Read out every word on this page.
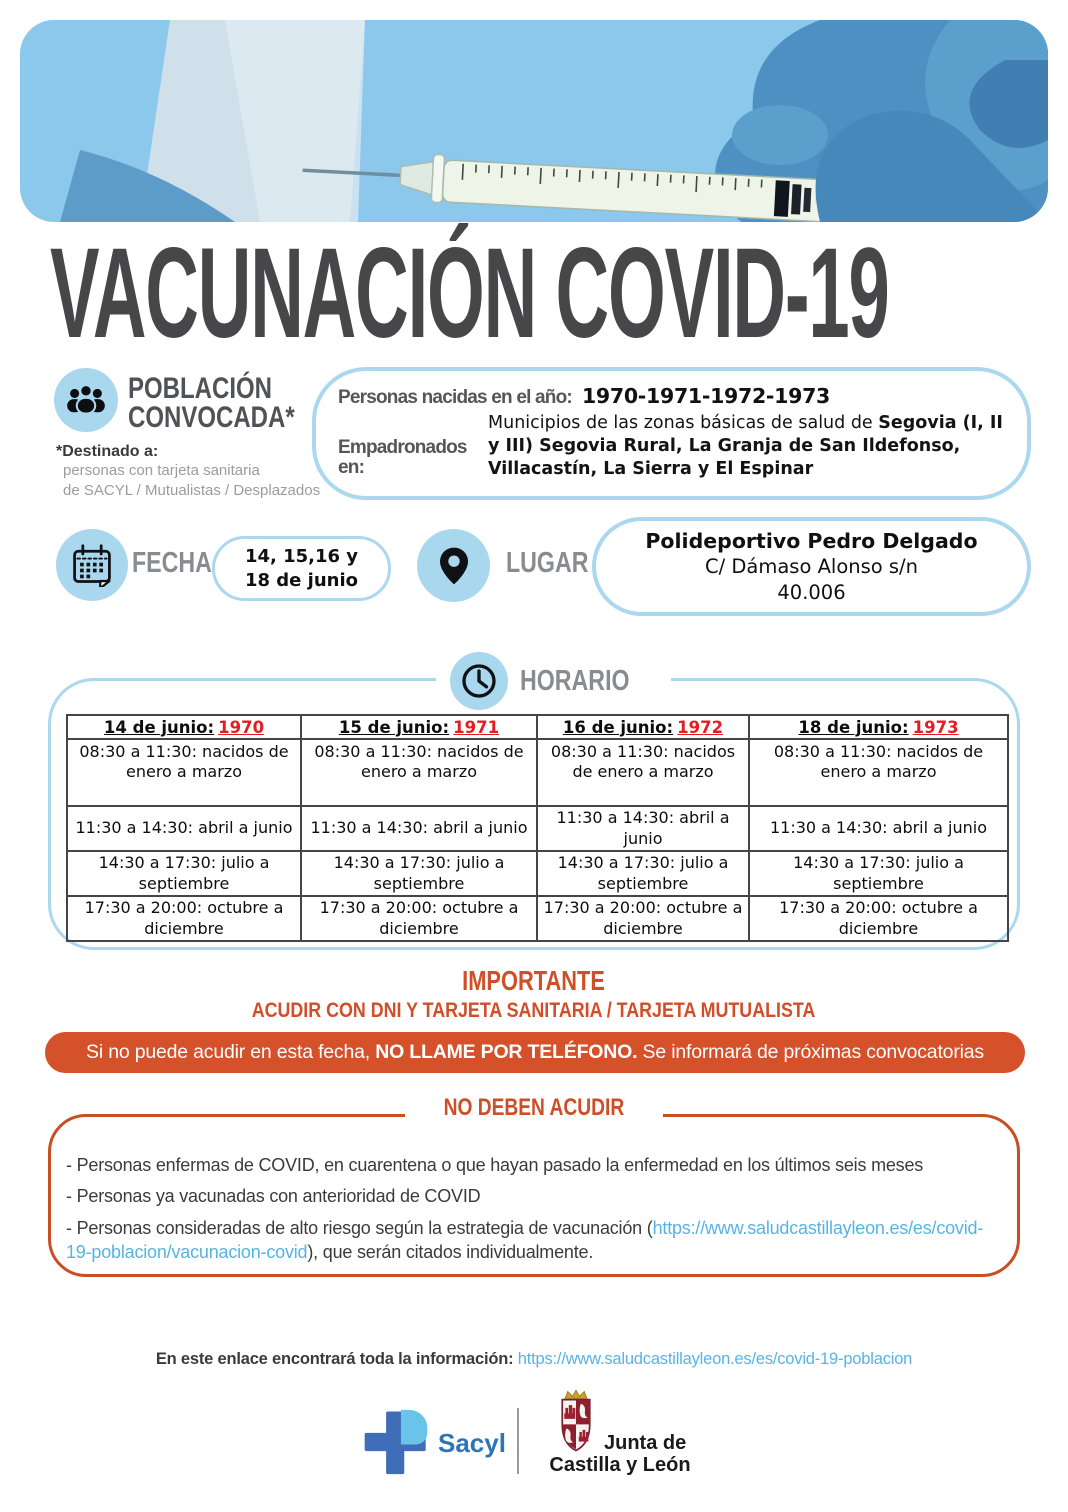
VACUNACIÓN COVID-19
POBLACIÓN
CONVOCADA*
*Destinado a:
personas con tarjeta sanitaria
de SACYL / Mutualistas / Desplazados
Personas nacidas en el año: 1970-1971-1972-1973
Empadronados en:

Municipios de las zonas básicas de salud de Segovia (I, II y III) Segovia Rural, La Granja de San Ildefonso, Villacastín, La Sierra y El Espinar

FECHA 14, 15,16 y
18 de junio
LUGAR
Polideportivo Pedro Delgado
C/ Dámaso Alonso s/n
40.006
HORARIO
14 de junio: 1970	15 de junio: 1971	16 de junio: 1972	18 de junio: 1973
08:30 a 11:30: nacidos de enero a marzo	08:30 a 11:30: nacidos de enero a marzo	08:30 a 11:30: nacidos de enero a marzo	08:30 a 11:30: nacidos de enero a marzo
11:30 a 14:30: abril a junio	11:30 a 14:30: abril a junio	11:30 a 14:30: abril a junio	11:30 a 14:30: abril a junio
14:30 a 17:30: julio a septiembre	14:30 a 17:30: julio a septiembre	14:30 a 17:30: julio a septiembre	14:30 a 17:30: julio a septiembre
17:30 a 20:00: octubre a diciembre	17:30 a 20:00: octubre a diciembre	17:30 a 20:00: octubre a diciembre	17:30 a 20:00: octubre a diciembre
IMPORTANTE
ACUDIR CON DNI Y TARJETA SANITARIA / TARJETA MUTUALISTA
Si no puede acudir en esta fecha, NO LLAME POR TELÉFONO. Se informará de próximas convocatorias
NO DEBEN ACUDIR
- Personas enfermas de COVID, en cuarentena o que hayan pasado la enfermedad en los últimos seis meses
- Personas ya vacunadas con anterioridad de COVID
- Personas consideradas de alto riesgo según la estrategia de vacunación (https://www.saludcastillayleon.es/es/covid-19-poblacion/vacunacion-covid), que serán citados individualmente.
En este enlace encontrará toda la información: https://www.saludcastillayleon.es/es/covid-19-poblacion
Sacyl	Junta de
Castilla y León
